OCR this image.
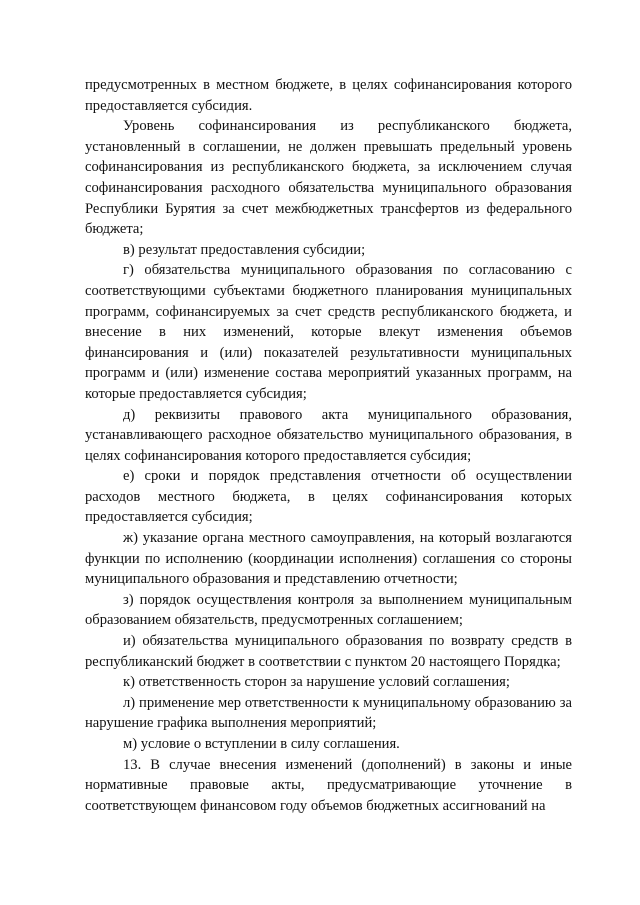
предусмотренных в местном бюджете, в целях софинансирования которого предоставляется субсидия.

Уровень софинансирования из республиканского бюджета, установленный в соглашении, не должен превышать предельный уровень софинансирования из республиканского бюджета, за исключением случая софинансирования расходного обязательства муниципального образования Республики Бурятия за счет межбюджетных трансфертов из федерального бюджета;

в) результат предоставления субсидии;

г) обязательства муниципального образования по согласованию с соответствующими субъектами бюджетного планирования муниципальных программ, софинансируемых за счет средств республиканского бюджета, и внесение в них изменений, которые влекут изменения объемов финансирования и (или) показателей результативности муниципальных программ и (или) изменение состава мероприятий указанных программ, на которые предоставляется субсидия;

д) реквизиты правового акта муниципального образования, устанавливающего расходное обязательство муниципального образования, в целях софинансирования которого предоставляется субсидия;

е) сроки и порядок представления отчетности об осуществлении расходов местного бюджета, в целях софинансирования которых предоставляется субсидия;

ж) указание органа местного самоуправления, на который возлагаются функции по исполнению (координации исполнения) соглашения со стороны муниципального образования и представлению отчетности;

з) порядок осуществления контроля за выполнением муниципальным образованием обязательств, предусмотренных соглашением;

и) обязательства муниципального образования по возврату средств в республиканский бюджет в соответствии с пунктом 20 настоящего Порядка;

к) ответственность сторон за нарушение условий соглашения;

л) применение мер ответственности к муниципальному образованию за нарушение графика выполнения мероприятий;

м) условие о вступлении в силу соглашения.

13. В случае внесения изменений (дополнений) в законы и иные нормативные правовые акты, предусматривающие уточнение в соответствующем финансовом году объемов бюджетных ассигнований на
